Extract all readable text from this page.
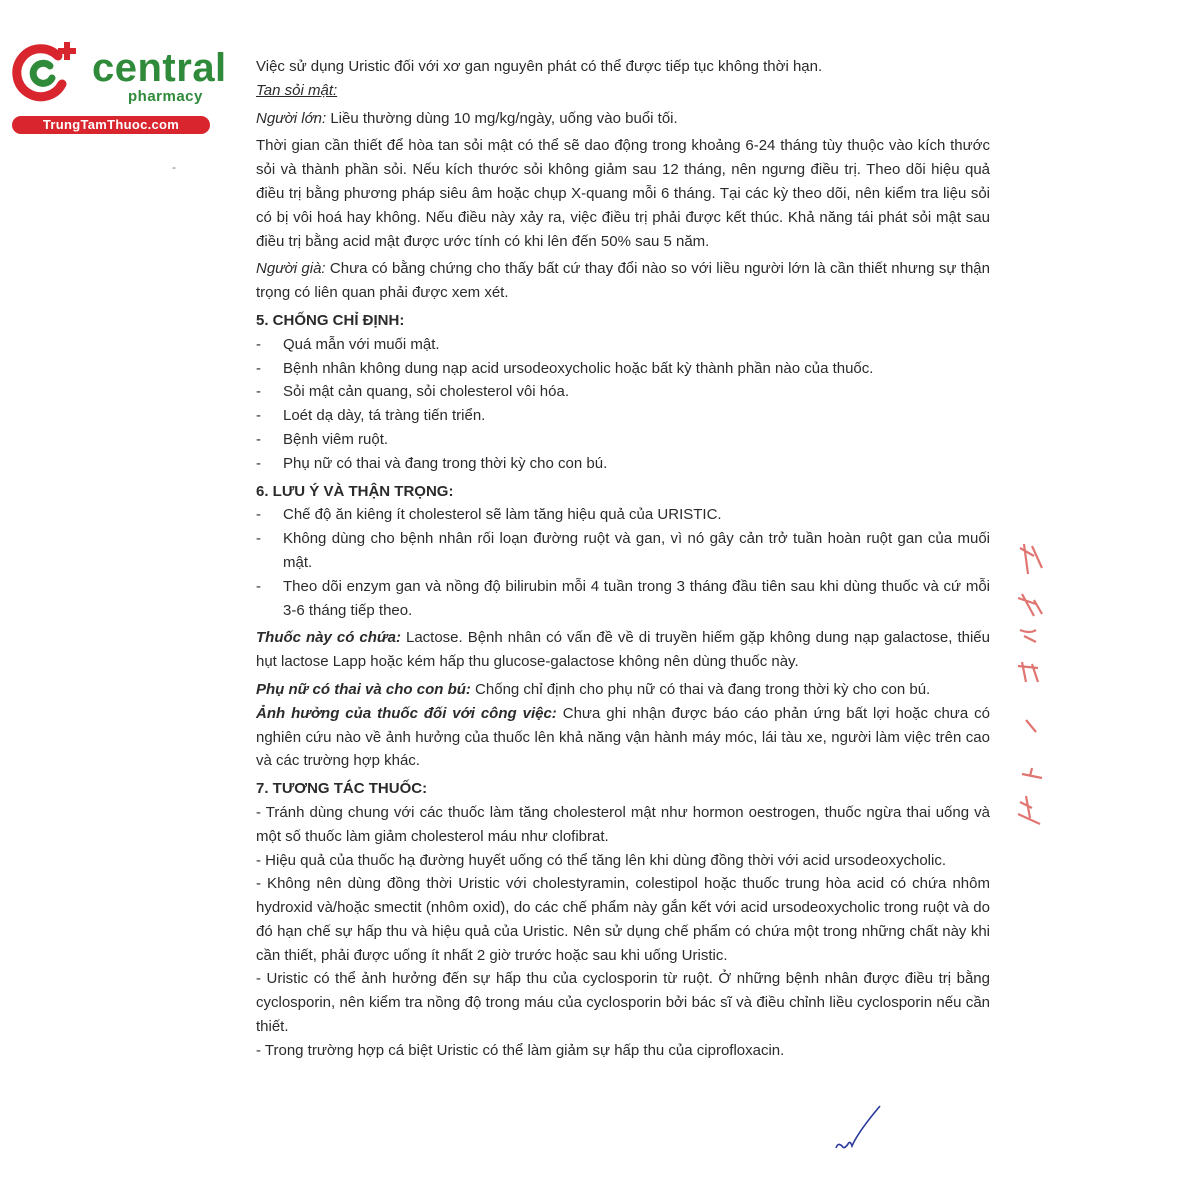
central
pharmacy
TrungTamThuoc.com
-

Việc sử dụng Uristic đối với xơ gan nguyên phát có thể được tiếp tục không thời hạn.

Tan sỏi mật:

Người lớn: Liều thường dùng 10 mg/kg/ngày, uống vào buổi tối.

Thời gian cần thiết để hòa tan sỏi mật có thể sẽ dao động trong khoảng 6-24 tháng tùy thuộc vào kích thước sỏi và thành phần sỏi. Nếu kích thước sỏi không giảm sau 12 tháng, nên ngưng điều trị. Theo dõi hiệu quả điều trị bằng phương pháp siêu âm hoặc chụp X-quang mỗi 6 tháng. Tại các kỳ theo dõi, nên kiểm tra liệu sỏi có bị vôi hoá hay không. Nếu điều này xảy ra, việc điều trị phải được kết thúc. Khả năng tái phát sỏi mật sau điều trị bằng acid mật được ước tính có khi lên đến 50% sau 5 năm.

Người già: Chưa có bằng chứng cho thấy bất cứ thay đổi nào so với liều người lớn là cần thiết nhưng sự thận trọng có liên quan phải được xem xét.

5. CHỐNG CHỈ ĐỊNH:

-	Quá mẫn với muối mật.
-	Bệnh nhân không dung nạp acid ursodeoxycholic hoặc bất kỳ thành phần nào của thuốc.
-	Sỏi mật cản quang, sỏi cholesterol vôi hóa.
-	Loét dạ dày, tá tràng tiến triển.
-	Bệnh viêm ruột.
-	Phụ nữ có thai và đang trong thời kỳ cho con bú.

6. LƯU Ý VÀ THẬN TRỌNG:

-	Chế độ ăn kiêng ít cholesterol sẽ làm tăng hiệu quả của URISTIC.
-	Không dùng cho bệnh nhân rối loạn đường ruột và gan, vì nó gây cản trở tuần hoàn ruột gan của muối mật.
-	Theo dõi enzym gan và nồng độ bilirubin mỗi 4 tuần trong 3 tháng đầu tiên sau khi dùng thuốc và cứ mỗi 3-6 tháng tiếp theo.

Thuốc này có chứa: Lactose. Bệnh nhân có vấn đề về di truyền hiếm gặp không dung nạp galactose, thiếu hụt lactose Lapp hoặc kém hấp thu glucose-galactose không nên dùng thuốc này.

Phụ nữ có thai và cho con bú: Chống chỉ định cho phụ nữ có thai và đang trong thời kỳ cho con bú.

Ảnh hưởng của thuốc đối với công việc: Chưa ghi nhận được báo cáo phản ứng bất lợi hoặc chưa có nghiên cứu nào về ảnh hưởng của thuốc lên khả năng vận hành máy móc, lái tàu xe, người làm việc trên cao và các trường hợp khác.

7. TƯƠNG TÁC THUỐC:

- Tránh dùng chung với các thuốc làm tăng cholesterol mật như hormon oestrogen, thuốc ngừa thai uống và một số thuốc làm giảm cholesterol máu như clofibrat.

- Hiệu quả của thuốc hạ đường huyết uống có thể tăng lên khi dùng đồng thời với acid ursodeoxycholic.

- Không nên dùng đồng thời Uristic với cholestyramin, colestipol hoặc thuốc trung hòa acid có chứa nhôm hydroxid và/hoặc smectit (nhôm oxid), do các chế phẩm này gắn kết với acid ursodeoxycholic trong ruột và do đó hạn chế sự hấp thu và hiệu quả của Uristic. Nên sử dụng chế phẩm có chứa một trong những chất này khi cần thiết, phải được uống ít nhất 2 giờ trước hoặc sau khi uống Uristic.

- Uristic có thể ảnh hưởng đến sự hấp thu của cyclosporin từ ruột. Ở những bệnh nhân được điều trị bằng cyclosporin, nên kiểm tra nồng độ trong máu của cyclosporin bởi bác sĩ và điều chỉnh liều cyclosporin nếu cần thiết.

- Trong trường hợp cá biệt Uristic có thể làm giảm sự hấp thu của ciprofloxacin.
